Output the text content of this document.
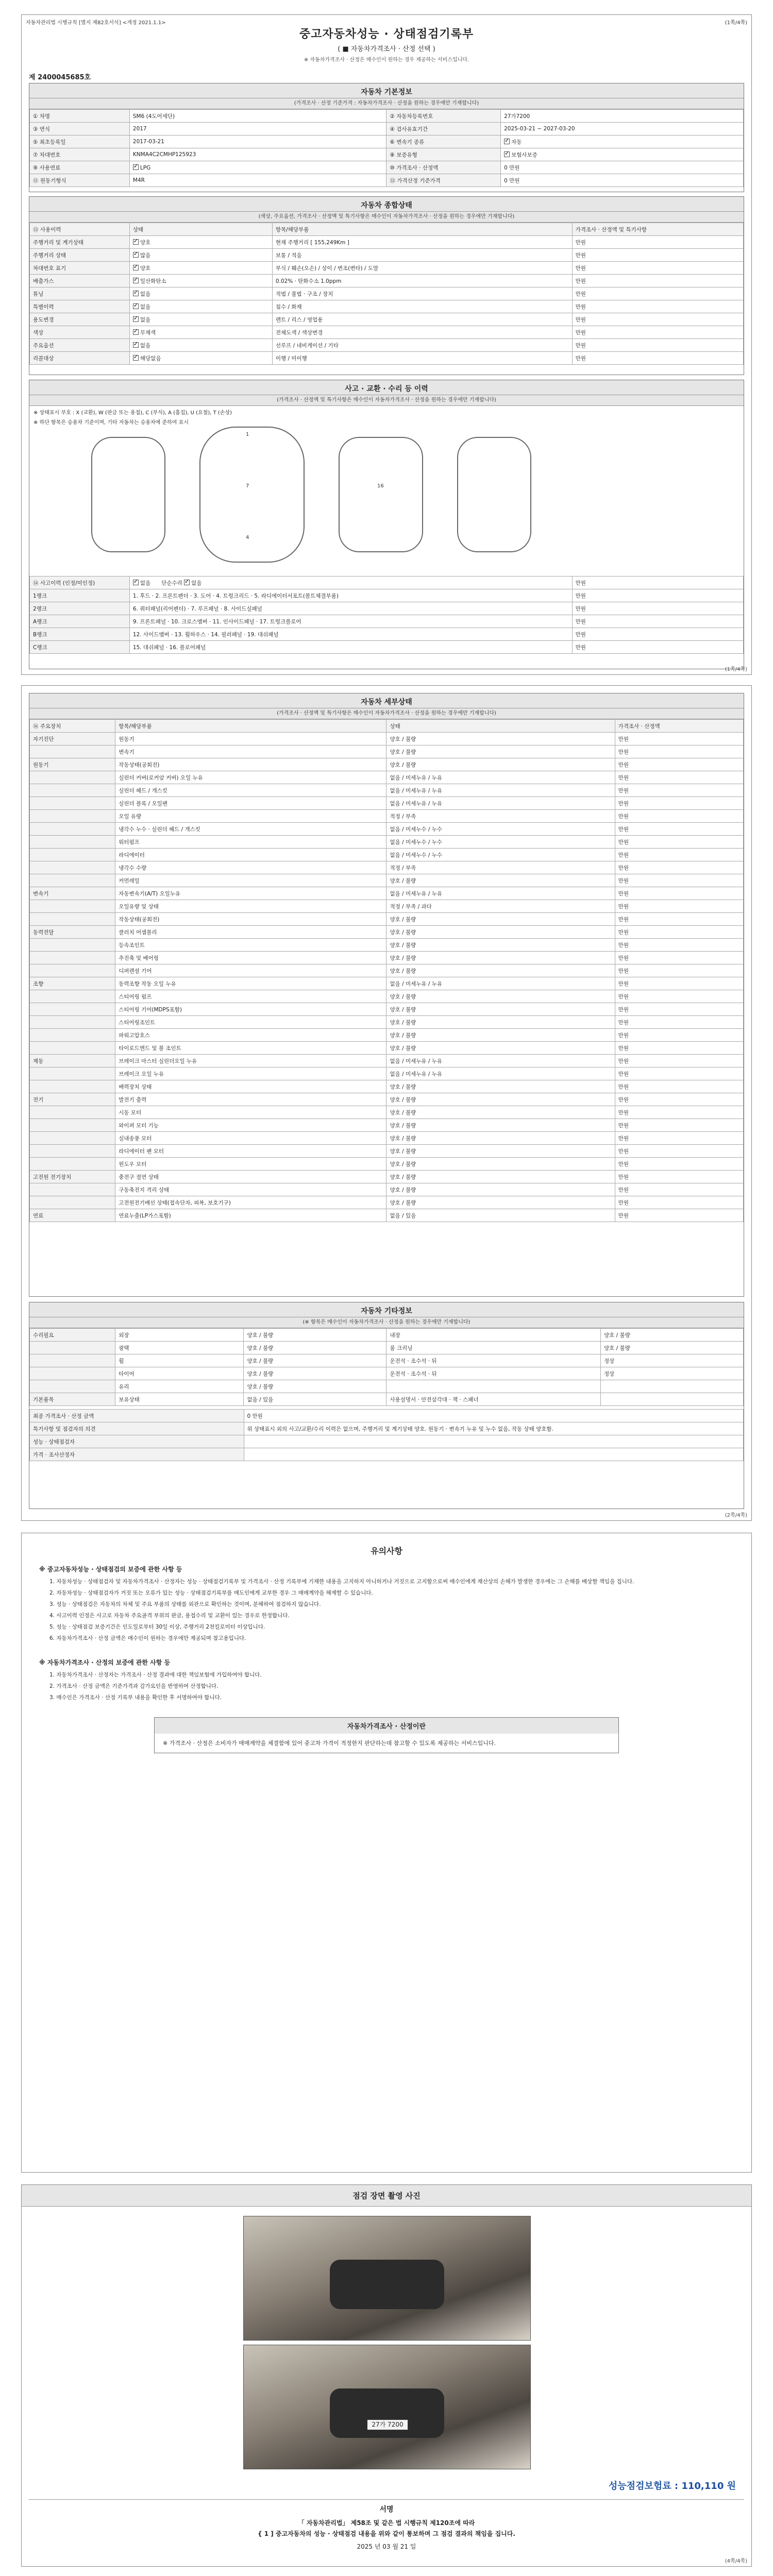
자동차관리법 시행규칙 [별지 제82호서식] <개정 2021.1.1>	(1쪽/4쪽)
중고자동차성능 · 상태점검기록부
( ■ 자동차가격조사 · 산정 선택 )
※ 자동차가격조사 · 산정은 매수인이 원하는 경우 제공하는 서비스입니다.
제 2400045685호
자동차 기본정보
(가격조사 · 산정 기준가격 : 자동차가격조사 · 산정을 원하는 경우에만 기재합니다)
① 차명	SM6 (4도어세단)	② 자동차등록번호	27가7200
③ 연식	2017	④ 검사유효기간	2025-03-21 ~ 2027-03-20
⑤ 최초등록일	2017-03-21	⑥ 변속기 종류	✓자동
⑦ 차대번호	KNMA4C2CMHP125923	⑧ 보증유형	✓보험사보증
⑨ 사용연료	✓LPG	⑩ 가격조사 · 산정액	0 만원
⑪ 원동기형식	M4R	⑫ 가격산정 기준가격	0 만원
자동차 종합상태
(색상, 주요옵션, 가격조사 · 산정액 및 특기사항은 매수인이 자동차가격조사 · 산정을 원하는 경우에만 기재합니다)
⑬ 사용이력	상태	항목/해당부품	가격조사 · 산정액 및 특기사항
주행거리 및 계기상태	✓양호	현재 주행거리 [ 155,249Km ]	만원
주행거리 상태	✓많음	보통 / 적음	만원
차대번호 표기	✓양호	부식 / 훼손(오손) / 상이 / 변조(변타) / 도말	만원
배출가스	✓일산화탄소	0.02% · 탄화수소 1.0ppm	만원
튜닝	✓없음	적법 / 불법 · 구조 / 장치	만원
특별이력	✓없음	침수 / 화재	만원
용도변경	✓없음	렌트 / 리스 / 영업용	만원
색상	✓무채색	전체도색 / 색상변경	만원
주요옵션	✓없음	선루프 / 네비게이션 / 기타	만원
리콜대상	✓해당없음	이행 / 미이행	만원
사고 · 교환 · 수리 등 이력
(가격조사 · 산정액 및 특기사항은 매수인이 자동차가격조사 · 산정을 원하는 경우에만 기재합니다)
※ 상태표시 부호 : X (교환), W (판금 또는 용접), C (부식), A (흠집), U (요철), T (손상)
※ 하단 항목은 승용차 기준이며, 기타 자동차는 승용차에 준하여 표시
1
7
4
16
⑭ 사고이력 (인정/미인정)	✓없음　　 단순수리 ✓ 없음	만원
1랭크	1. 후드 · 2. 프론트펜더 · 3. 도어 · 4. 트렁크리드 · 5. 라디에이터서포트(볼트체결부품)	만원
2랭크	6. 쿼터패널(리어펜더) · 7. 루프패널 · 8. 사이드실패널	만원
A랭크	9. 프론트패널 · 10. 크로스멤버 · 11. 인사이드패널 · 17. 트렁크플로어	만원
B랭크	12. 사이드멤버 · 13. 휠하우스 · 14. 필러패널 · 19. 대쉬패널	만원
C랭크	15. 대쉬패널 · 16. 플로어패널	만원
(1쪽/4쪽)
자동차 세부상태
(가격조사 · 산정액 및 특기사항은 매수인이 자동차가격조사 · 산정을 원하는 경우에만 기재합니다)
⑯ 주요장치	항목/해당부품	상태	가격조사 · 산정액
자기진단	원동기	양호 / 불량	만원
	변속기	양호 / 불량	만원
원동기	작동상태(공회전)	양호 / 불량	만원
	실린더 커버(로커암 커버) 오일 누유	없음 / 미세누유 / 누유	만원
	실린더 헤드 / 개스킷	없음 / 미세누유 / 누유	만원
	실린더 블록 / 오일팬	없음 / 미세누유 / 누유	만원
	오일 유량	적정 / 부족	만원
	냉각수 누수 · 실린더 헤드 / 개스킷	없음 / 미세누수 / 누수	만원
	워터펌프	없음 / 미세누수 / 누수	만원
	라디에이터	없음 / 미세누수 / 누수	만원
	냉각수 수량	적정 / 부족	만원
	커먼레일	양호 / 불량	만원
변속기	자동변속기(A/T) 오일누유	없음 / 미세누유 / 누유	만원
	오일유량 및 상태	적정 / 부족 / 과다	만원
	작동상태(공회전)	양호 / 불량	만원
동력전달	클러치 어셈블리	양호 / 불량	만원
	등속조인트	양호 / 불량	만원
	추진축 및 베어링	양호 / 불량	만원
	디퍼렌셜 기어	양호 / 불량	만원
조향	동력조향 작동 오일 누유	없음 / 미세누유 / 누유	만원
	스티어링 펌프	양호 / 불량	만원
	스티어링 기어(MDPS포함)	양호 / 불량	만원
	스티어링조인트	양호 / 불량	만원
	파워고압호스	양호 / 불량	만원
	타이로드엔드 및 볼 조인트	양호 / 불량	만원
제동	브레이크 마스터 실린더오일 누유	없음 / 미세누유 / 누유	만원
	브레이크 오일 누유	없음 / 미세누유 / 누유	만원
	배력장치 상태	양호 / 불량	만원
전기	발전기 출력	양호 / 불량	만원
	시동 모터	양호 / 불량	만원
	와이퍼 모터 기능	양호 / 불량	만원
	실내송풍 모터	양호 / 불량	만원
	라디에이터 팬 모터	양호 / 불량	만원
	윈도우 모터	양호 / 불량	만원
고전원 전기장치	충전구 절연 상태	양호 / 불량	만원
	구동축전지 격리 상태	양호 / 불량	만원
	고전원전기배선 상태(접속단자, 피복, 보호기구)	양호 / 불량	만원
연료	연료누출(LP가스포함)	없음 / 있음	만원
자동차 기타정보
(※ 항목은 매수인이 자동차가격조사 · 산정을 원하는 경우에만 기재합니다)
수리필요	외장	양호 / 불량	내장	양호 / 불량
	광택	양호 / 불량	룸 크리닝	양호 / 불량
	휠	양호 / 불량	운전석 · 조수석 · 뒤	정상
	타이어	양호 / 불량	운전석 · 조수석 · 뒤	정상
	유리	양호 / 불량		
기본품목	보유상태	없음 / 있음	사용설명서 · 안전삼각대 · 잭 · 스패너	
최종 가격조사 · 산정 금액	0 만원
특기사항 및 점검자의 의견	위 상태표시 외의 사고/교환/수리 이력은 없으며, 주행거리 및 계기상태 양호. 원동기 · 변속기 누유 및 누수 없음, 작동 상태 양호함.
성능 · 상태점검자	
가격 · 조사산정자	
(2쪽/4쪽)
유의사항
※ 중고자동차성능 · 상태점검의 보증에 관한 사항 등

1. 자동차성능 · 상태점검자 및 자동차가격조사 · 산정자는 성능 · 상태점검기록부 및 가격조사 · 산정 기록부에 기재한 내용을 고지하지 아니하거나 거짓으로 고지함으로써 매수인에게 재산상의 손해가 발생한 경우에는 그 손해를 배상할 책임을 집니다.

2. 자동차성능 · 상태점검자가 거짓 또는 오류가 있는 성능 · 상태점검기록부를 매도인에게 교부한 경우 그 매매계약을 해제할 수 있습니다.

3. 성능 · 상태점검은 자동차의 차체 및 주요 부품의 상태를 외관으로 확인하는 것이며, 분해하여 점검하지 않습니다.

4. 사고이력 인정은 사고로 자동차 주요골격 부위의 판금, 용접수리 및 교환이 있는 경우로 한정합니다.

5. 성능 · 상태점검 보증기간은 인도일로부터 30일 이상, 주행거리 2천킬로미터 이상입니다.

6. 자동차가격조사 · 산정 금액은 매수인이 원하는 경우에만 제공되며 참고용입니다.

※ 자동차가격조사 · 산정의 보증에 관한 사항 등

1. 자동차가격조사 · 산정자는 가격조사 · 산정 결과에 대한 책임보험에 가입하여야 합니다.

2. 가격조사 · 산정 금액은 기준가격과 감가요인을 반영하여 산정합니다.

3. 매수인은 가격조사 · 산정 기록부 내용을 확인한 후 서명하여야 합니다.

자동차가격조사 · 산정이란
※ 가격조사 · 산정은 소비자가 매매계약을 체결함에 있어 중고차 가격이 적정한지 판단하는데 참고할 수 있도록 제공하는 서비스입니다.
점검 장면 촬영 사진
27가 7200
성능점검보험료 : 110,110 원
서명
「 자동차관리법」 제58조 및 같은 법 시행규칙 제120조에 따라
{ 1 ] 중고자동차의 성능 · 상태점검 내용을 위와 같이 통보하며 그 점검 결과의 책임을 집니다.
2025 년 03 월 21 일
(4쪽/4쪽)
